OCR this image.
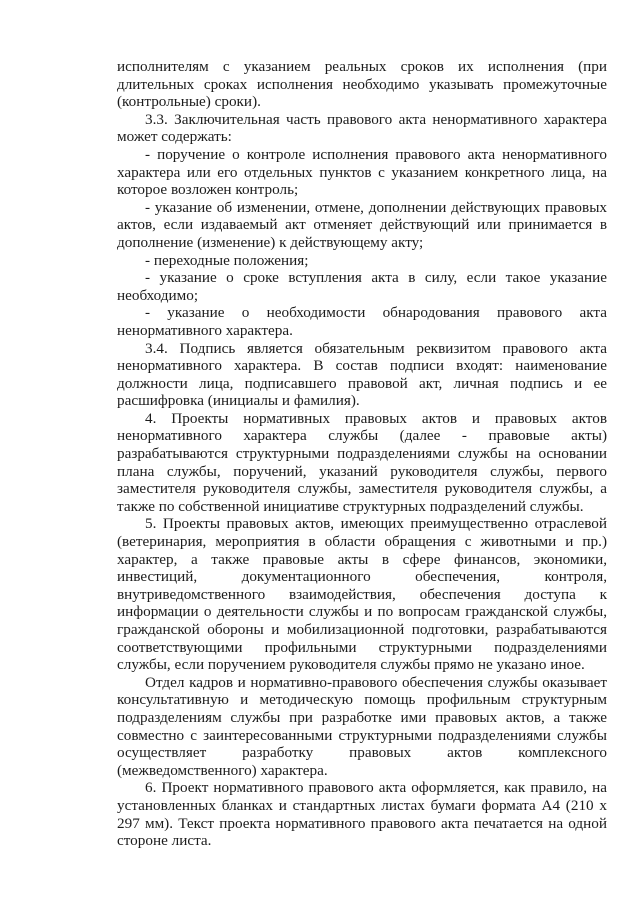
исполнителям с указанием реальных сроков их исполнения (при длительных сроках исполнения необходимо указывать промежуточные (контрольные) сроки).

3.3. Заключительная часть правового акта ненормативного характера может содержать:

- поручение о контроле исполнения правового акта ненормативного характера или его отдельных пунктов с указанием конкретного лица, на которое возложен контроль;

- указание об изменении, отмене, дополнении действующих правовых актов, если издаваемый акт отменяет действующий или принимается в дополнение (изменение) к действующему акту;

- переходные положения;

- указание о сроке вступления акта в силу, если такое указание необходимо;

- указание о необходимости обнародования правового акта ненормативного характера.

3.4. Подпись является обязательным реквизитом правового акта ненормативного характера. В состав подписи входят: наименование должности лица, подписавшего правовой акт, личная подпись и ее расшифровка (инициалы и фамилия).

4. Проекты нормативных правовых актов и правовых актов ненормативного характера службы (далее - правовые акты) разрабатываются структурными подразделениями службы на основании плана службы, поручений, указаний руководителя службы, первого заместителя руководителя службы, заместителя руководителя службы, а также по собственной инициативе структурных подразделений службы.

5. Проекты правовых актов, имеющих преимущественно отраслевой (ветеринария, мероприятия в области обращения с животными и пр.) характер, а также правовые акты в сфере финансов, экономики, инвестиций, документационного обеспечения, контроля, внутриведомственного взаимодействия, обеспечения доступа к информации о деятельности службы и по вопросам гражданской службы, гражданской обороны и мобилизационной подготовки, разрабатываются соответствующими профильными структурными подразделениями службы, если поручением руководителя службы прямо не указано иное.

Отдел кадров и нормативно-правового обеспечения службы оказывает консультативную и методическую помощь профильным структурным подразделениям службы при разработке ими правовых актов, а также совместно с заинтересованными структурными подразделениями службы осуществляет разработку правовых актов комплексного (межведомственного) характера.

6. Проект нормативного правового акта оформляется, как правило, на установленных бланках и стандартных листах бумаги формата А4 (210 х 297 мм). Текст проекта нормативного правового акта печатается на одной стороне листа.
